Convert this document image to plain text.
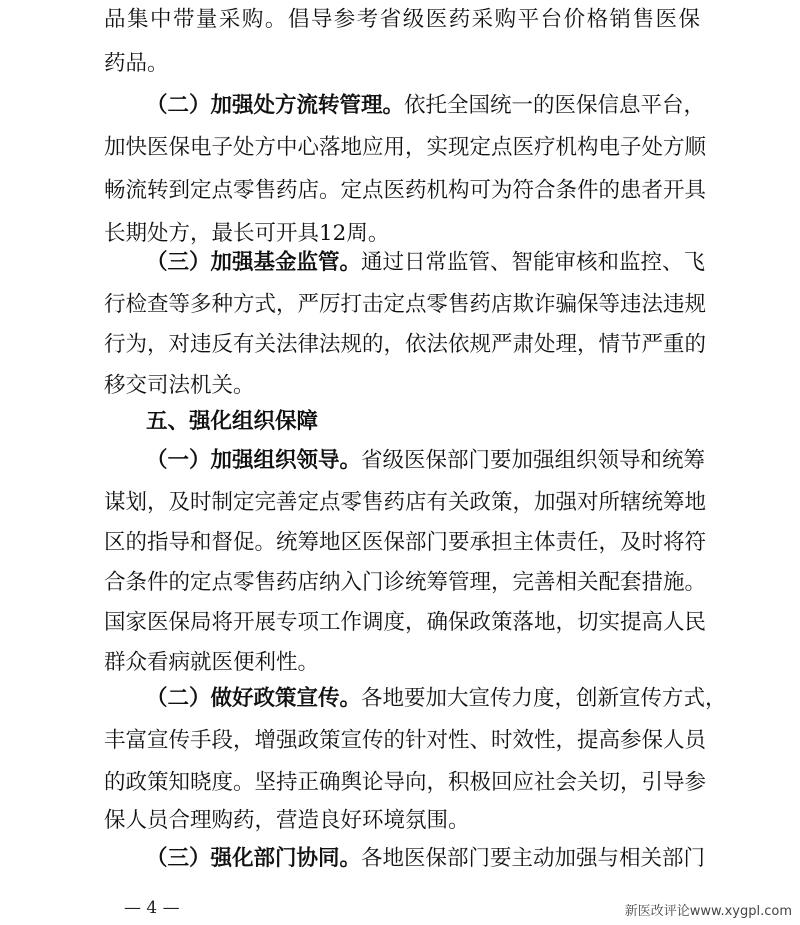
品集中带量采购。倡导参考省级医药采购平台价格销售医保
药品。
（二）加强处方流转管理。依托全国统一的医保信息平台，
加快医保电子处方中心落地应用，实现定点医疗机构电子处方顺
畅流转到定点零售药店。定点医药机构可为符合条件的患者开具
长期处方，最长可开具12周。
（三）加强基金监管。通过日常监管、智能审核和监控、飞
行检查等多种方式，严厉打击定点零售药店欺诈骗保等违法违规
行为，对违反有关法律法规的，依法依规严肃处理，情节严重的
移交司法机关。
五、强化组织保障
（一）加强组织领导。省级医保部门要加强组织领导和统筹
谋划，及时制定完善定点零售药店有关政策，加强对所辖统筹地
区的指导和督促。统筹地区医保部门要承担主体责任，及时将符
合条件的定点零售药店纳入门诊统筹管理，完善相关配套措施。
国家医保局将开展专项工作调度，确保政策落地，切实提高人民
群众看病就医便利性。
（二）做好政策宣传。各地要加大宣传力度，创新宣传方式，
丰富宣传手段，增强政策宣传的针对性、时效性，提高参保人员
的政策知晓度。坚持正确舆论导向，积极回应社会关切，引导参
保人员合理购药，营造良好环境氛围。
（三）强化部门协同。各地医保部门要主动加强与相关部门
— 4 —	新医改评论www.xygpl.com
